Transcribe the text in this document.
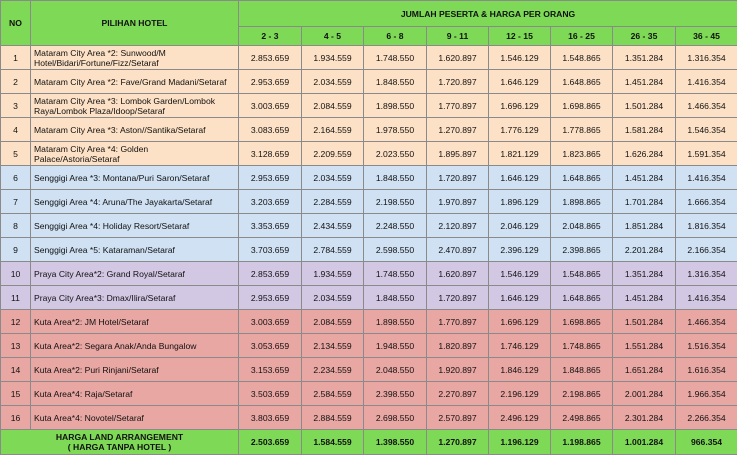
NO	PILIHAN HOTEL	JUMLAH PESERTA & HARGA PER ORANG							
		2 - 3	4 - 5	6 - 8	9 - 11	12 - 15	16 - 25	26 - 35	36 - 45
1	Mataram City Area *2: Sunwood/M Hotel/Bidari/Fortune/Fizz/Setaraf	2.853.659	1.934.559	1.748.550	1.620.897	1.546.129	1.548.865	1.351.284	1.316.354
2	Mataram City Area *2: Fave/Grand Madani/Setaraf	2.953.659	2.034.559	1.848.550	1.720.897	1.646.129	1.648.865	1.451.284	1.416.354
3	Mataram City Area *3: Lombok Garden/Lombok Raya/Lombok Plaza/Idoop/Setaraf	3.003.659	2.084.559	1.898.550	1.770.897	1.696.129	1.698.865	1.501.284	1.466.354
4	Mataram City Area *3: Aston//Santika/Setaraf	3.083.659	2.164.559	1.978.550	1.270.897	1.776.129	1.778.865	1.581.284	1.546.354
5	Mataram City Area *4: Golden Palace/Astoria/Setaraf	3.128.659	2.209.559	2.023.550	1.895.897	1.821.129	1.823.865	1.626.284	1.591.354
6	Senggigi Area *3: Montana/Puri Saron/Setaraf	2.953.659	2.034.559	1.848.550	1.720.897	1.646.129	1.648.865	1.451.284	1.416.354
7	Senggigi Area *4: Aruna/The Jayakarta/Setaraf	3.203.659	2.284.559	2.198.550	1.970.897	1.896.129	1.898.865	1.701.284	1.666.354
8	Senggigi Area *4: Holiday Resort/Setaraf	3.353.659	2.434.559	2.248.550	2.120.897	2.046.129	2.048.865	1.851.284	1.816.354
9	Senggigi Area *5: Kataraman/Setaraf	3.703.659	2.784.559	2.598.550	2.470.897	2.396.129	2.398.865	2.201.284	2.166.354
10	Praya City Area*2: Grand Royal/Setaraf	2.853.659	1.934.559	1.748.550	1.620.897	1.546.129	1.548.865	1.351.284	1.316.354
11	Praya City Area*3: Dmax/Ilira/Setaraf	2.953.659	2.034.559	1.848.550	1.720.897	1.646.129	1.648.865	1.451.284	1.416.354
12	Kuta Area*2: JM Hotel/Setaraf	3.003.659	2.084.559	1.898.550	1.770.897	1.696.129	1.698.865	1.501.284	1.466.354
13	Kuta Area*2: Segara Anak/Anda Bungalow	3.053.659	2.134.559	1.948.550	1.820.897	1.746.129	1.748.865	1.551.284	1.516.354
14	Kuta Area*2: Puri Rinjani/Setaraf	3.153.659	2.234.559	2.048.550	1.920.897	1.846.129	1.848.865	1.651.284	1.616.354
15	Kuta Area*4: Raja/Setaraf	3.503.659	2.584.559	2.398.550	2.270.897	2.196.129	2.198.865	2.001.284	1.966.354
16	Kuta Area*4: Novotel/Setaraf	3.803.659	2.884.559	2.698.550	2.570.897	2.496.129	2.498.865	2.301.284	2.266.354
HARGA LAND ARRANGEMENT
( HARGA TANPA HOTEL )		2.503.659	1.584.559	1.398.550	1.270.897	1.196.129	1.198.865	1.001.284	966.354
